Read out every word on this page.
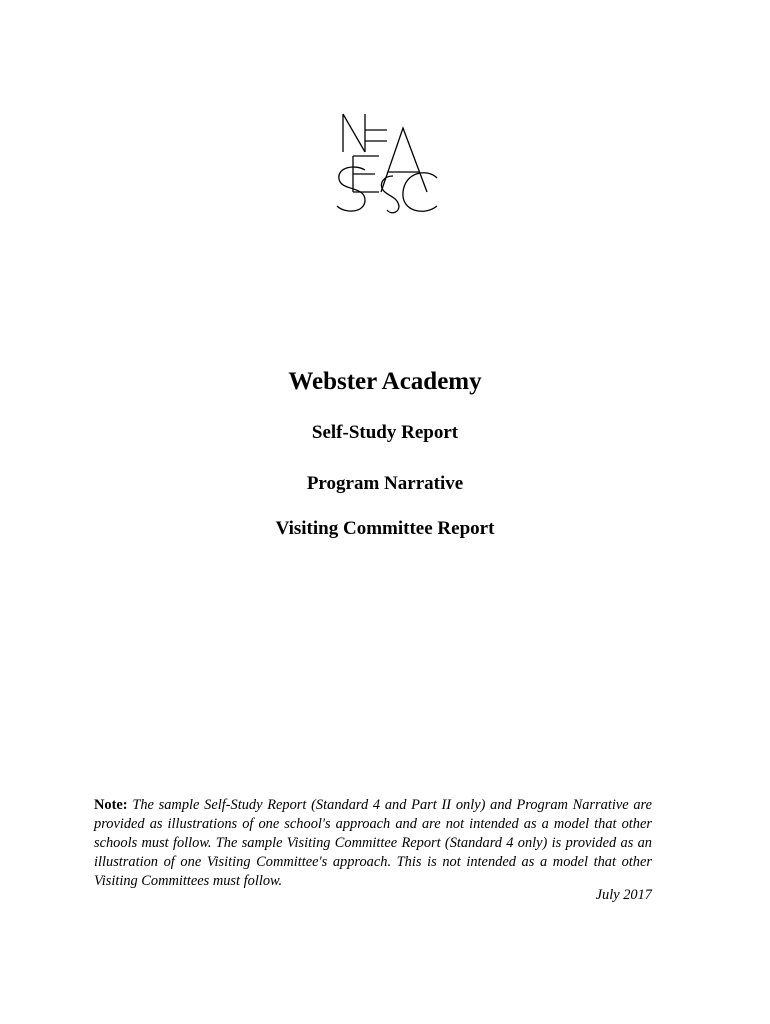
Webster Academy
Self-Study Report
Program Narrative
Visiting Committee Report
Note: The sample Self-Study Report (Standard 4 and Part II only) and Program Narrative are provided as illustrations of one school's approach and are not intended as a model that other schools must follow. The sample Visiting Committee Report (Standard 4 only) is provided as an illustration of one Visiting Committee's approach. This is not intended as a model that other Visiting Committees must follow.
July 2017
